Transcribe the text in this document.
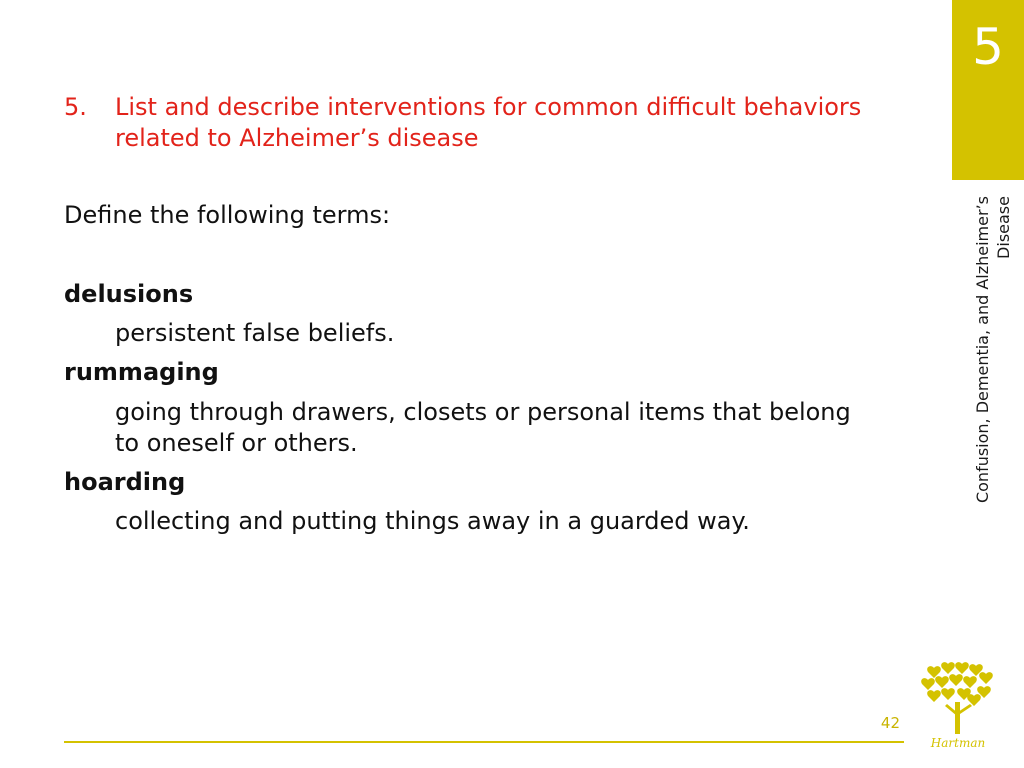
5
Confusion, Dementia, and Alzheimer’s Disease
5.	List and describe interventions for common difficult behaviors related to Alzheimer’s disease
Define the following terms:
delusions
persistent false beliefs.
rummaging
going through drawers, closets or personal items that belong to oneself or others.
hoarding
collecting and putting things away in a guarded way.
42
Hartman
